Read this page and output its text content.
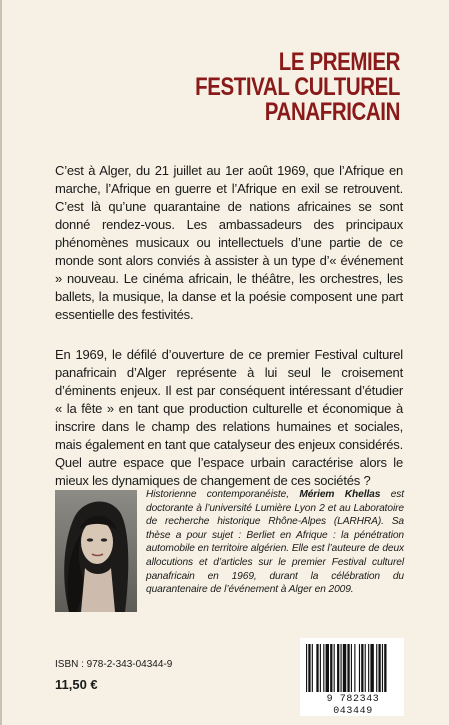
LE PREMIER
FESTIVAL CULTUREL
PANAFRICAIN

C’est à Alger, du 21 juillet au 1er août 1969, que l’Afrique en marche, l’Afrique en guerre et l’Afrique en exil se retrouvent. C’est là qu’une quarantaine de nations africaines se sont donné rendez-vous. Les ambassadeurs des principaux phénomènes musicaux ou intellectuels d’une partie de ce monde sont alors conviés à assister à un type d’« événement » nouveau. Le cinéma africain, le théâtre, les orchestres, les ballets, la musique, la danse et la poésie composent une part essentielle des festivités.

En 1969, le défilé d’ouverture de ce premier Festival culturel panafricain d’Alger représente à lui seul le croisement d’éminents enjeux. Il est par conséquent intéressant d’étudier « la fête » en tant que production culturelle et économique à inscrire dans le champ des relations humaines et sociales, mais également en tant que catalyseur des enjeux considérés. Quel autre espace que l’espace urbain caractérise alors le mieux les dynamiques de changement de ces sociétés ?

Historienne contemporanéiste, Mériem Khellas est doctorante à l’université Lumière Lyon 2 et au Laboratoire de recherche historique Rhône-Alpes (LARHRA). Sa thèse a pour sujet : Berliet en Afrique : la pénétration automobile en territoire algérien. Elle est l’auteure de deux allocutions et d’articles sur le premier Festival culturel panafricain en 1969, durant la célébration du quarantenaire de l’événement à Alger en 2009.

ISBN : 978-2-343-04344-9
11,50 €
9 782343 043449
